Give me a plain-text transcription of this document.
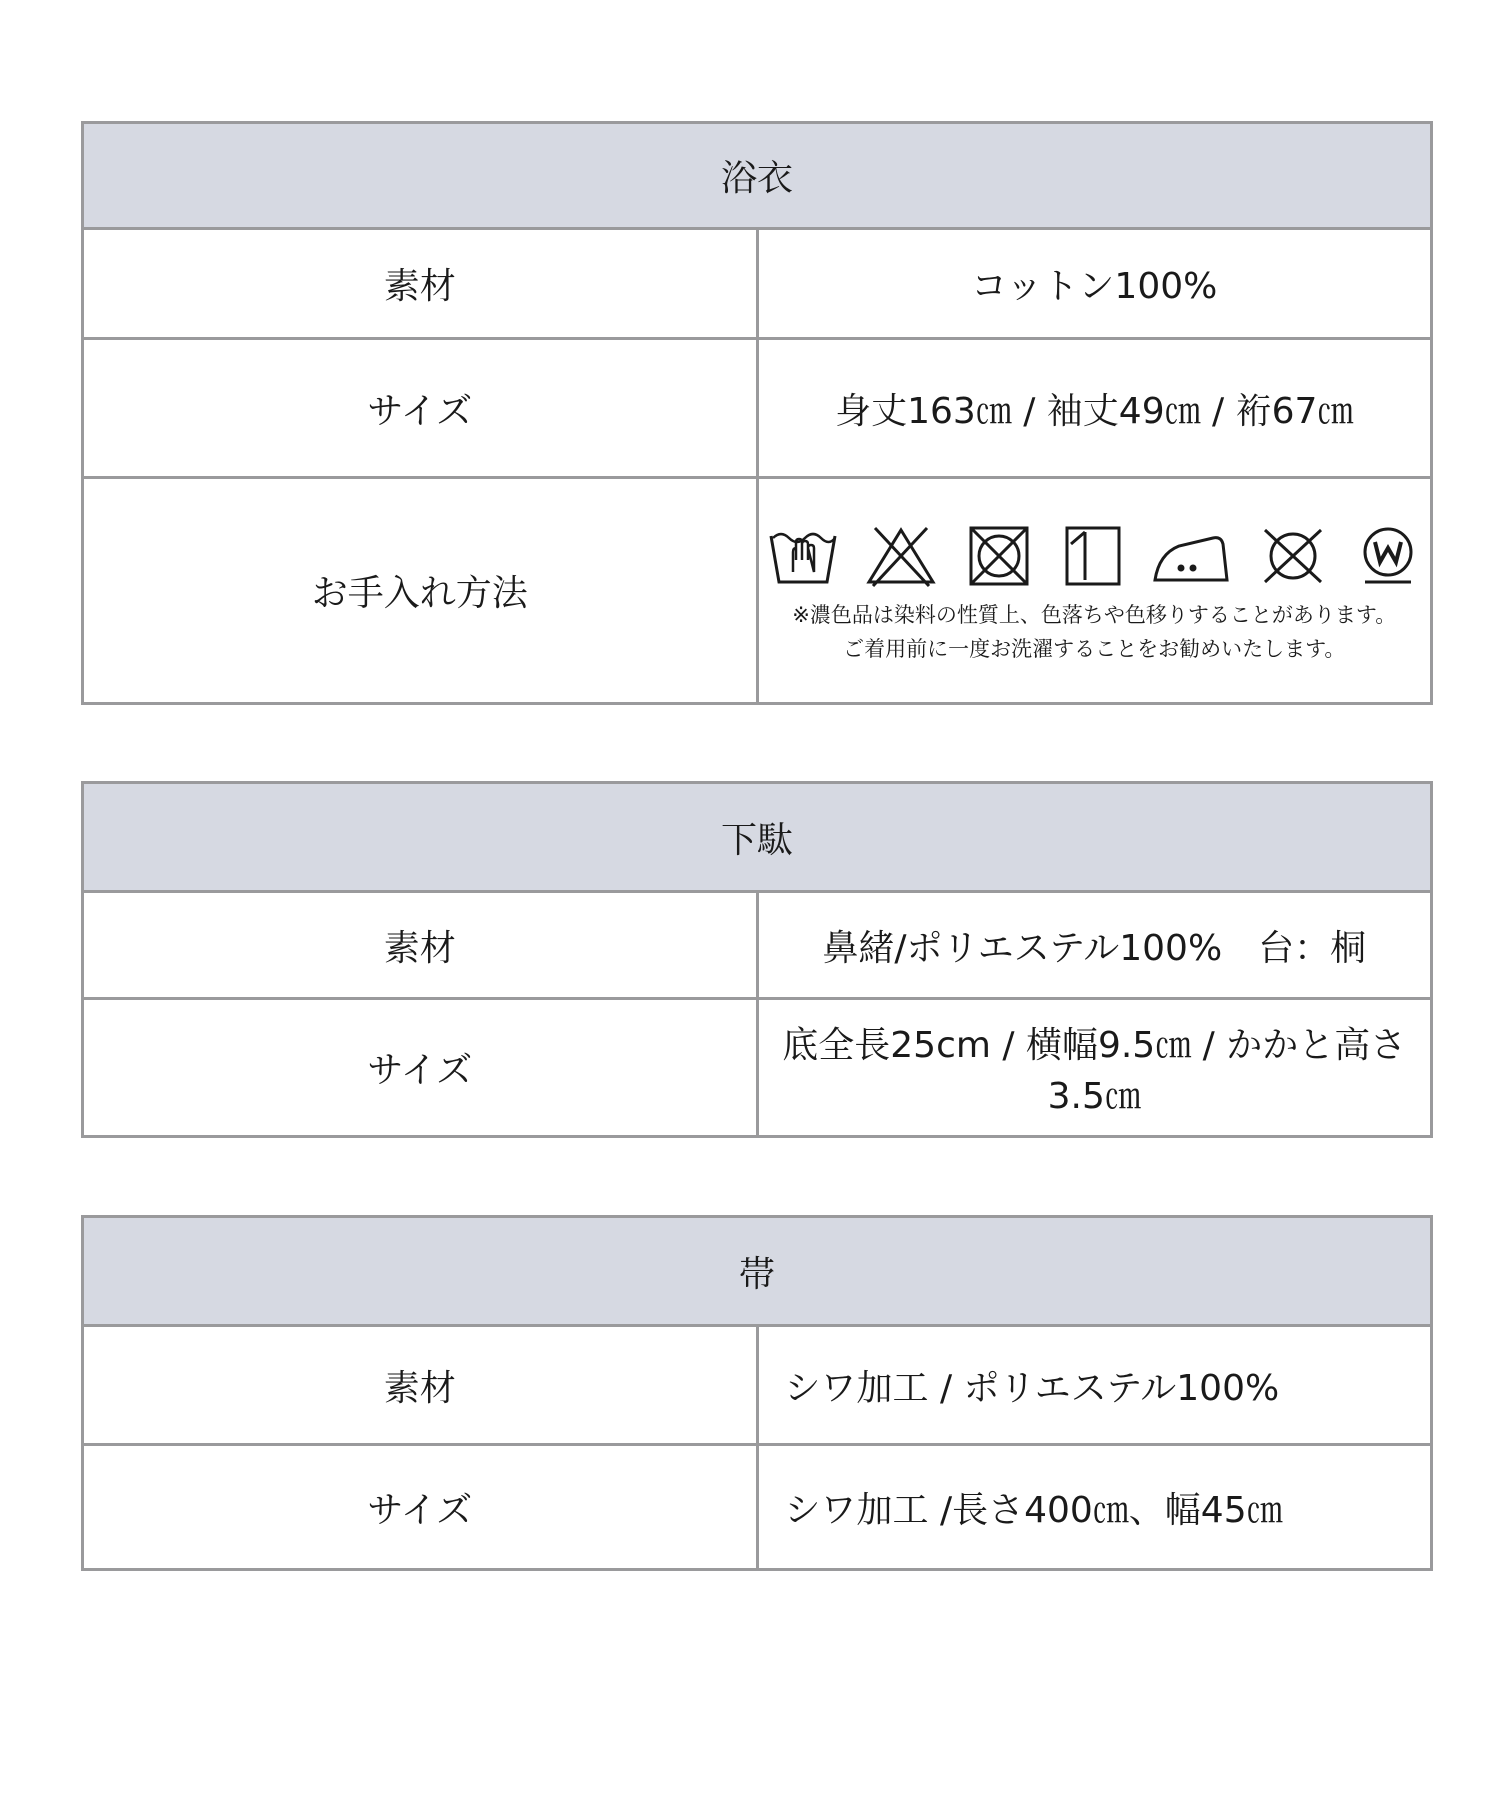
浴衣	
素材	コットン100%
サイズ	身丈163㎝ / 袖丈49㎝ / 裄67㎝
お手入れ方法	※濃色品は染料の性質上、色落ちや色移りすることがあります。
ご着用前に一度お洗濯することをお勧めいたします。
下駄	
素材	鼻緒/ポリエステル100%　台：桐
サイズ	底全長25cm / 横幅9.5㎝ / かかと高さ3.5㎝
帯	
素材	シワ加工 / ポリエステル100%
サイズ	シワ加工 /長さ400㎝、幅45㎝
